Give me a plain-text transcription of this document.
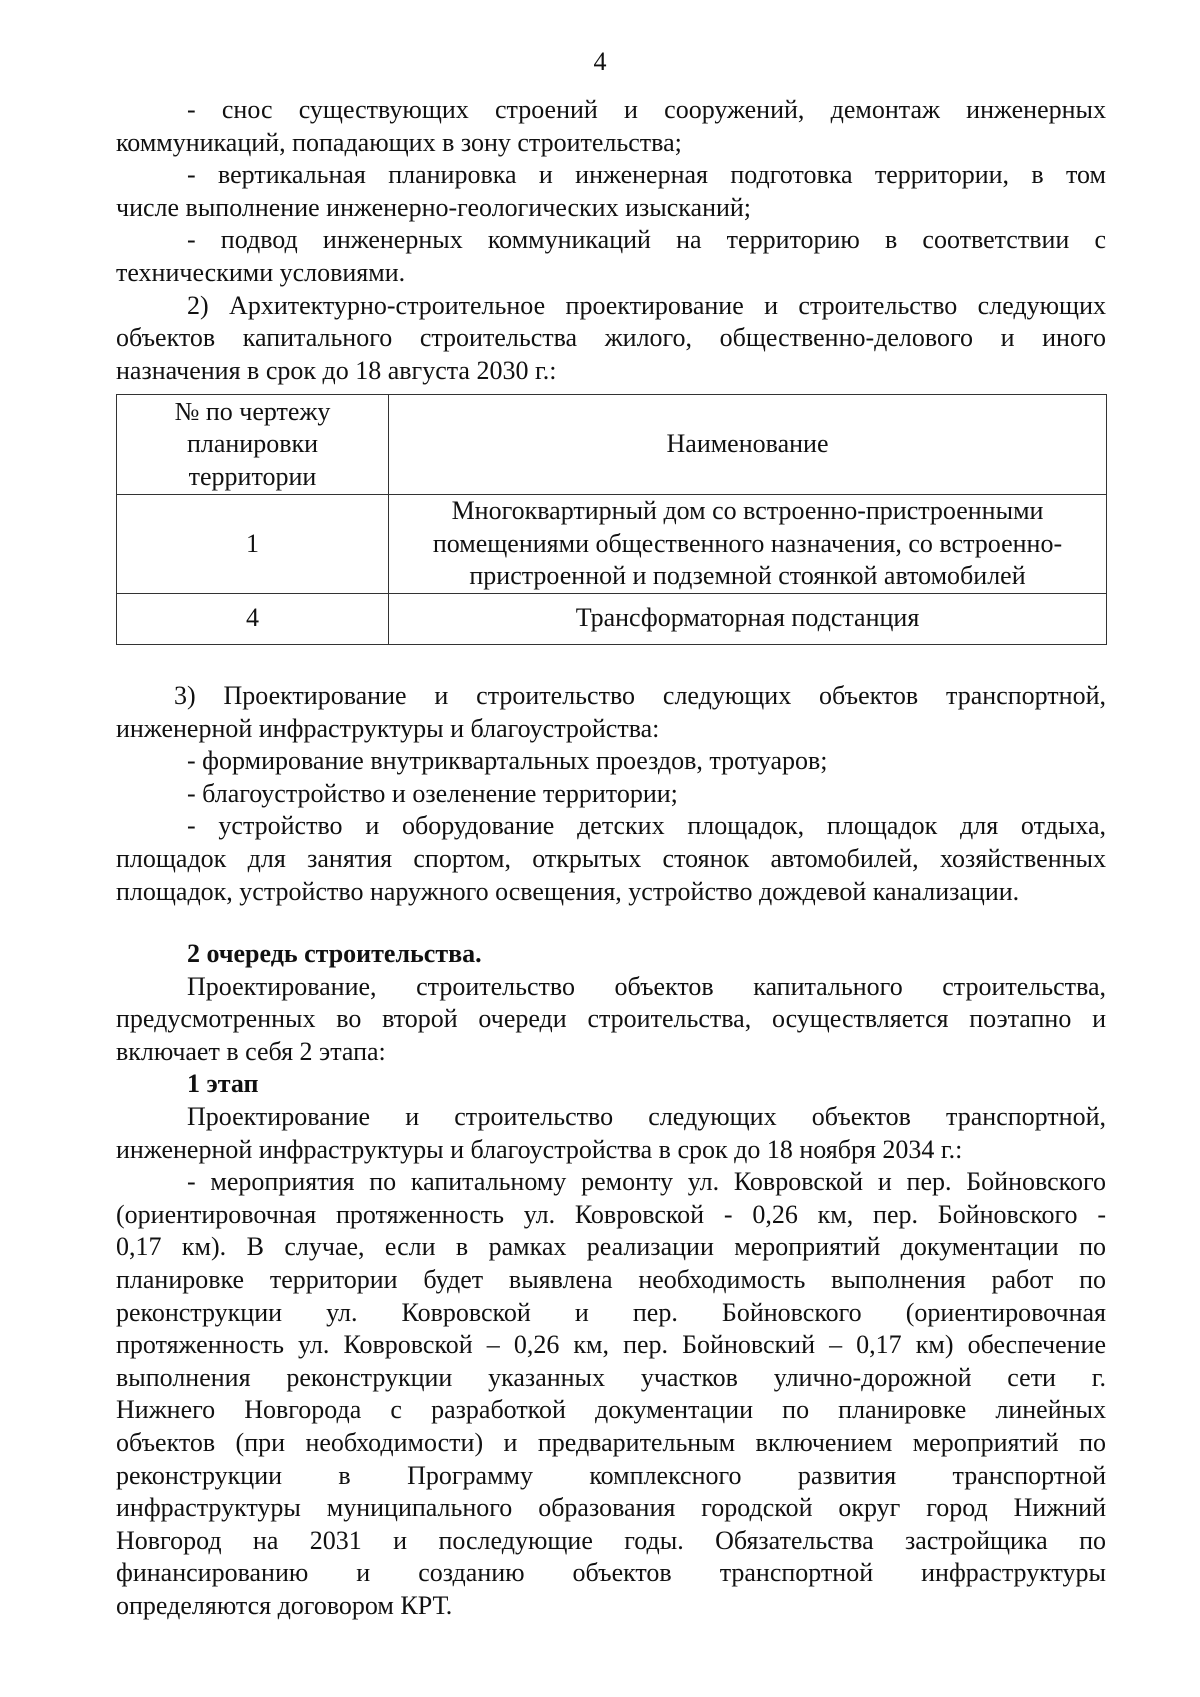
4

- снос существующих строений и сооружений, демонтаж инженерных

коммуникаций, попадающих в зону строительства;

- вертикальная планировка и инженерная подготовка территории, в том

числе выполнение инженерно-геологических изысканий;

- подвод инженерных коммуникаций на территорию в соответствии с

техническими условиями.

2) Архитектурно-строительное проектирование и строительство следующих

объектов капитального строительства жилого, общественно-делового и иного

назначения в срок до 18 августа 2030 г.:

№ по чертежу
планировки
территории	Наименование

1	Многоквартирный дом со встроенно-пристроенными
помещениями общественного назначения, со встроенно-
пристроенной и подземной стоянкой автомобилей

4	Трансформаторная подстанция

3) Проектирование и строительство следующих объектов транспортной,

инженерной инфраструктуры и благоустройства:

- формирование внутриквартальных проездов, тротуаров;

- благоустройство и озеленение территории;

- устройство и оборудование детских площадок, площадок для отдыха,

площадок для занятия спортом, открытых стоянок автомобилей, хозяйственных

площадок, устройство наружного освещения, устройство дождевой канализации.

2 очередь строительства.

Проектирование, строительство объектов капитального строительства,

предусмотренных во второй очереди строительства, осуществляется поэтапно и

включает в себя 2 этапа:

1 этап

Проектирование и строительство следующих объектов транспортной,

инженерной инфраструктуры и благоустройства в срок до 18 ноября 2034 г.:

- мероприятия по капитальному ремонту ул. Ковровской и пер. Бойновского

(ориентировочная протяженность ул. Ковровской - 0,26 км, пер. Бойновского -

0,17 км). В случае, если в рамках реализации мероприятий документации по

планировке территории будет выявлена необходимость выполнения работ по

реконструкции ул. Ковровской и пер. Бойновского (ориентировочная

протяженность ул. Ковровской – 0,26 км, пер. Бойновский – 0,17 км) обеспечение

выполнения реконструкции указанных участков улично-дорожной сети г.

Нижнего Новгорода с разработкой документации по планировке линейных

объектов (при необходимости) и предварительным включением мероприятий по

реконструкции в Программу комплексного развития транспортной

инфраструктуры муниципального образования городской округ город Нижний

Новгород на 2031 и последующие годы. Обязательства застройщика по

финансированию и созданию объектов транспортной инфраструктуры

определяются договором КРТ.
